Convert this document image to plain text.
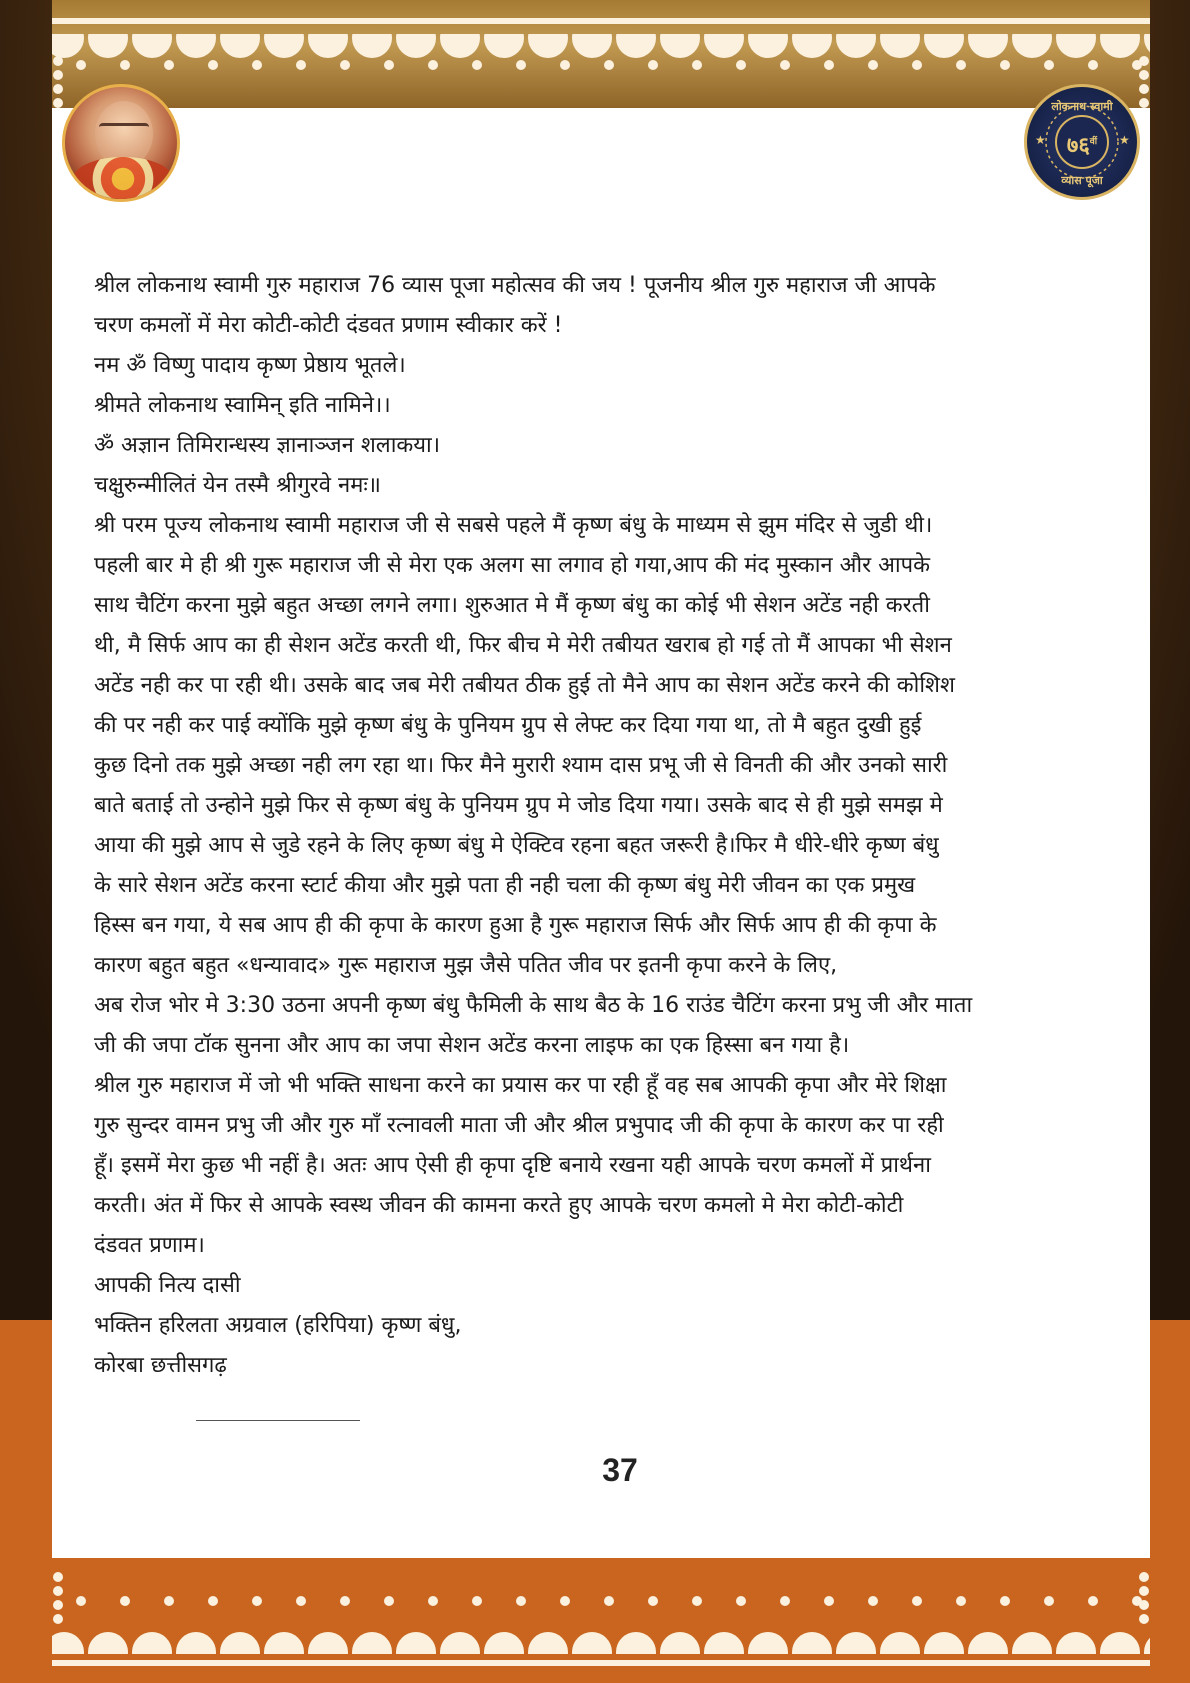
लोकनाथ स्वामी
★	★
$७६^{वीं}$
व्यास पूजा

श्रील लोकनाथ स्वामी गुरु महाराज 76 व्यास पूजा महोत्सव की जय ! पूजनीय श्रील गुरु महाराज जी आपके

चरण कमलों में मेरा कोटी-कोटी दंडवत प्रणाम स्वीकार करें !

नम ॐ विष्णु पादाय कृष्ण प्रेष्ठाय भूतले।

श्रीमते लोकनाथ स्वामिन् इति नामिने।।

ॐ अज्ञान तिमिरान्धस्य ज्ञानाञ्जन शलाकया।

चक्षुरुन्मीलितं येन तस्मै श्रीगुरवे नमः॥

श्री परम पूज्य लोकनाथ स्वामी महाराज जी से सबसे पहले मैं कृष्ण बंधु के माध्यम से झुम मंदिर से जुडी थी।

पहली बार मे ही श्री गुरू महाराज जी से मेरा एक अलग सा लगाव हो गया,आप की मंद मुस्कान और आपके

साथ चैटिंग करना मुझे बहुत अच्छा लगने लगा। शुरुआत मे मैं कृष्ण बंधु का कोई भी सेशन अटेंड नही करती

थी, मै सिर्फ आप का ही सेशन अटेंड करती थी, फिर बीच मे मेरी तबीयत खराब हो गई तो मैं आपका भी सेशन

अटेंड नही कर पा रही थी। उसके बाद जब मेरी तबीयत ठीक हुई तो मैने आप का सेशन अटेंड करने की कोशिश

की पर नही कर पाई क्योंकि मुझे कृष्ण बंधु के पुनियम ग्रुप से लेफ्ट कर दिया गया था, तो मै बहुत दुखी हुई

कुछ दिनो तक मुझे अच्छा नही लग रहा था। फिर मैने मुरारी श्याम दास प्रभू जी से विनती की और उनको सारी

बाते बताई तो उन्होने मुझे फिर से कृष्ण बंधु के पुनियम ग्रुप मे जोड दिया गया। उसके बाद से ही मुझे समझ मे

आया की मुझे आप से जुडे रहने के लिए कृष्ण बंधु मे ऐक्टिव रहना बहत जरूरी है।फिर मै धीरे-धीरे कृष्ण बंधु

के सारे सेशन अटेंड करना स्टार्ट कीया और मुझे पता ही नही चला की कृष्ण बंधु मेरी जीवन का एक प्रमुख

हिस्स बन गया, ये सब आप ही की कृपा के कारण हुआ है गुरू महाराज सिर्फ और सिर्फ आप ही की कृपा के

कारण बहुत बहुत «धन्यावाद» गुरू महाराज मुझ जैसे पतित जीव पर इतनी कृपा करने के लिए,

अब रोज भोर मे 3:30 उठना अपनी कृष्ण बंधु फैमिली के साथ बैठ के 16 राउंड चैटिंग करना प्रभु जी और माता

जी की जपा टॉक सुनना और आप का जपा सेशन अटेंड करना लाइफ का एक हिस्सा बन गया है।

श्रील गुरु महाराज में जो भी भक्ति साधना करने का प्रयास कर पा रही हूँ वह सब आपकी कृपा और मेरे शिक्षा

गुरु सुन्दर वामन प्रभु जी और गुरु माँ रत्नावली माता जी और श्रील प्रभुपाद जी की कृपा के कारण कर पा रही

हूँ। इसमें मेरा कुछ भी नहीं है। अतः आप ऐसी ही कृपा दृष्टि बनाये रखना यही आपके चरण कमलों में प्रार्थना

करती। अंत में फिर से आपके स्वस्थ जीवन की कामना करते हुए आपके चरण कमलो मे मेरा कोटी-कोटी

दंडवत प्रणाम।

आपकी नित्य दासी

भक्तिन हरिलता अग्रवाल (हरिपिया) कृष्ण बंधु,

कोरबा छत्तीसगढ़

37
